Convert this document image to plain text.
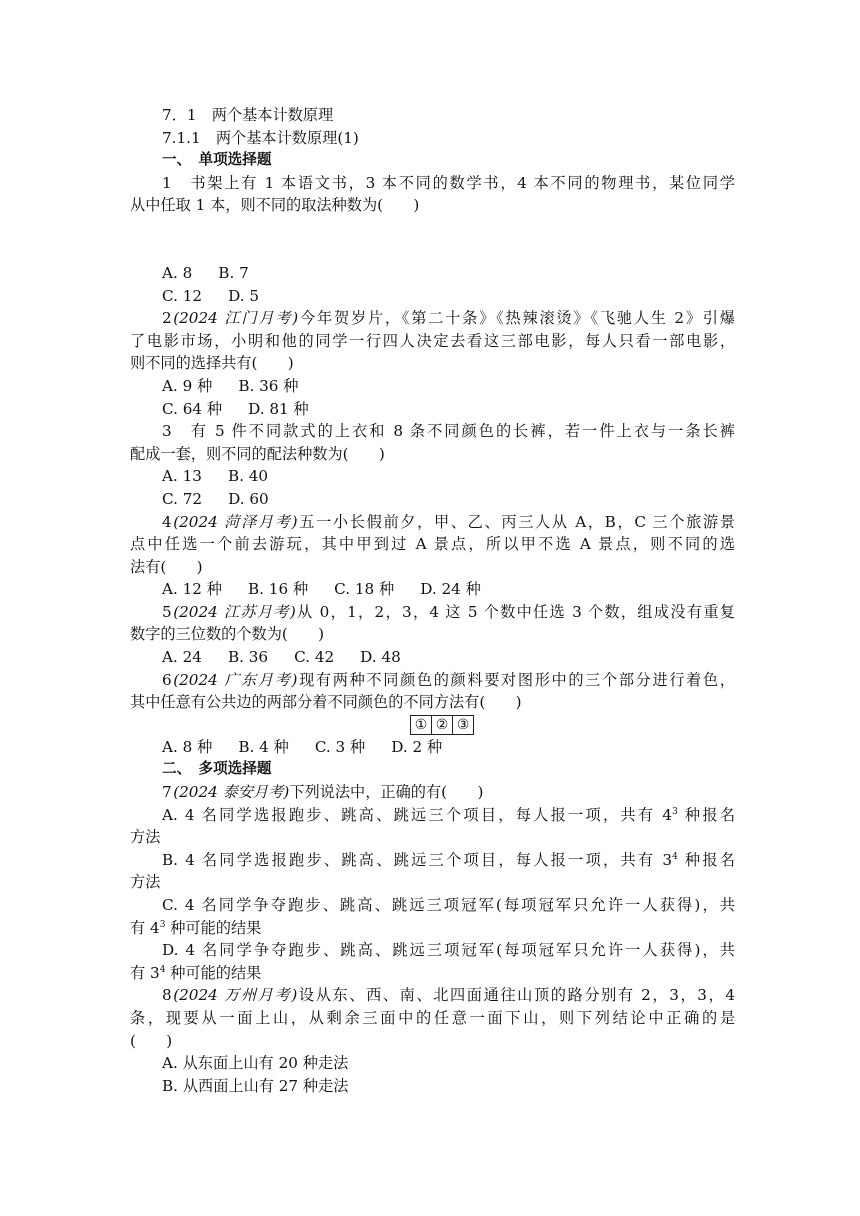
7．1　两个基本计数原理
7.1.1　两个基本计数原理(1)
一、　单项选择题
1　书架上有 1 本语文书，3 本不同的数学书，4 本不同的物理书，某位同学
从中任取 1 本，则不同的取法种数为(　　)
A. 8 B. 7
C. 12 D. 5
2 (2024 江门月考)今年贺岁片，《第二十条》《热辣滚烫》《飞驰人生 2》引爆
了电影市场，小明和他的同学一行四人决定去看这三部电影，每人只看一部电影，
则不同的选择共有(　　)
A. 9 种 B. 36 种
C. 64 种 D. 81 种
3　有 5 件不同款式的上衣和 8 条不同颜色的长裤，若一件上衣与一条长裤
配成一套，则不同的配法种数为(　　)
A. 13 B. 40
C. 72 D. 60
4 (2024 菏泽月考)五一小长假前夕，甲、乙、丙三人从 A，B，C 三个旅游景
点中任选一个前去游玩，其中甲到过 A 景点，所以甲不选 A 景点，则不同的选
法有(　　)
A. 12 种 B. 16 种 C. 18 种 D. 24 种
5 (2024 江苏月考)从 0，1，2，3，4 这 5 个数中任选 3 个数，组成没有重复
数字的三位数的个数为(　　)
A. 24 B. 36 C. 42 D. 48
6 (2024 广东月考)现有两种不同颜色的颜料要对图形中的三个部分进行着色，
其中任意有公共边的两部分着不同颜色的不同方法有(　　)
① ② ③
A. 8 种 B. 4 种 C. 3 种 D. 2 种
二、　多项选择题
7 (2024 泰安月考)下列说法中，正确的有(　　)
A. 4 名同学选报跑步、跳高、跳远三个项目，每人报一项，共有 $4^3$ 种报名
方法
B. 4 名同学选报跑步、跳高、跳远三个项目，每人报一项，共有 $3^4$ 种报名
方法
C. 4 名同学争夺跑步、跳高、跳远三项冠军(每项冠军只允许一人获得)，共
有 $4^3$ 种可能的结果
D. 4 名同学争夺跑步、跳高、跳远三项冠军(每项冠军只允许一人获得)，共
有 $3^4$ 种可能的结果
8 (2024 万州月考)设从东、西、南、北四面通往山顶的路分别有 2，3，3，4
条，现要从一面上山，从剩余三面中的任意一面下山，则下列结论中正确的是
(　　)
A. 从东面上山有 20 种走法
B. 从西面上山有 27 种走法
